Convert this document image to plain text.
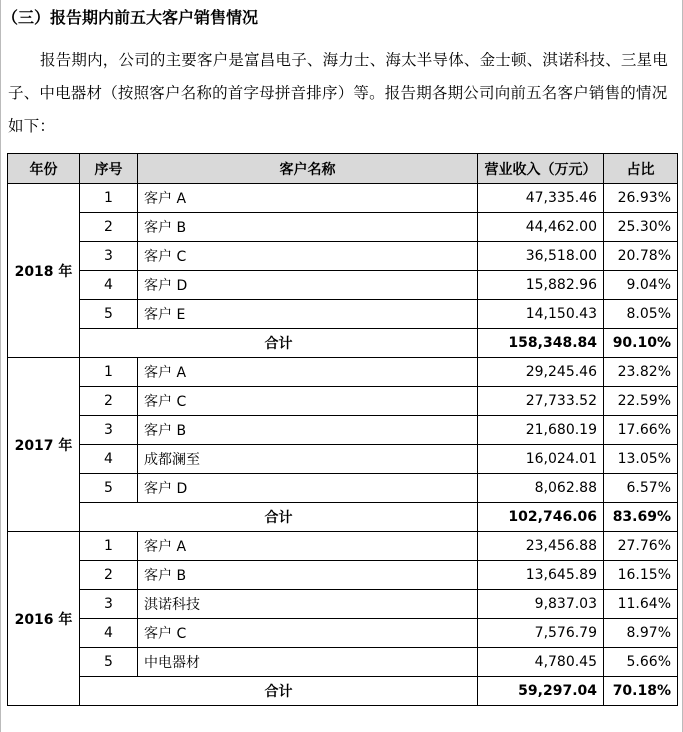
（三）报告期内前五大客户销售情况
报告期内，公司的主要客户是富昌电子、海力士、海太半导体、金士顿、淇诺科技、三星电子、中电器材（按照客户名称的首字母拼音排序）等。报告期各期公司向前五名客户销售的情况如下：
年份	序号	客户名称	营业收入（万元）	占比
2018 年	1	客户 A	47,335.46	26.93%
	2	客户 B	44,462.00	25.30%
	3	客户 C	36,518.00	20.78%
	4	客户 D	15,882.96	9.04%
	5	客户 E	14,150.43	8.05%
	合计		158,348.84	90.10%
2017 年	1	客户 A	29,245.46	23.82%
	2	客户 C	27,733.52	22.59%
	3	客户 B	21,680.19	17.66%
	4	成都澜至	16,024.01	13.05%
	5	客户 D	8,062.88	6.57%
	合计		102,746.06	83.69%
2016 年	1	客户 A	23,456.88	27.76%
	2	客户 B	13,645.89	16.15%
	3	淇诺科技	9,837.03	11.64%
	4	客户 C	7,576.79	8.97%
	5	中电器材	4,780.45	5.66%
	合计		59,297.04	70.18%
